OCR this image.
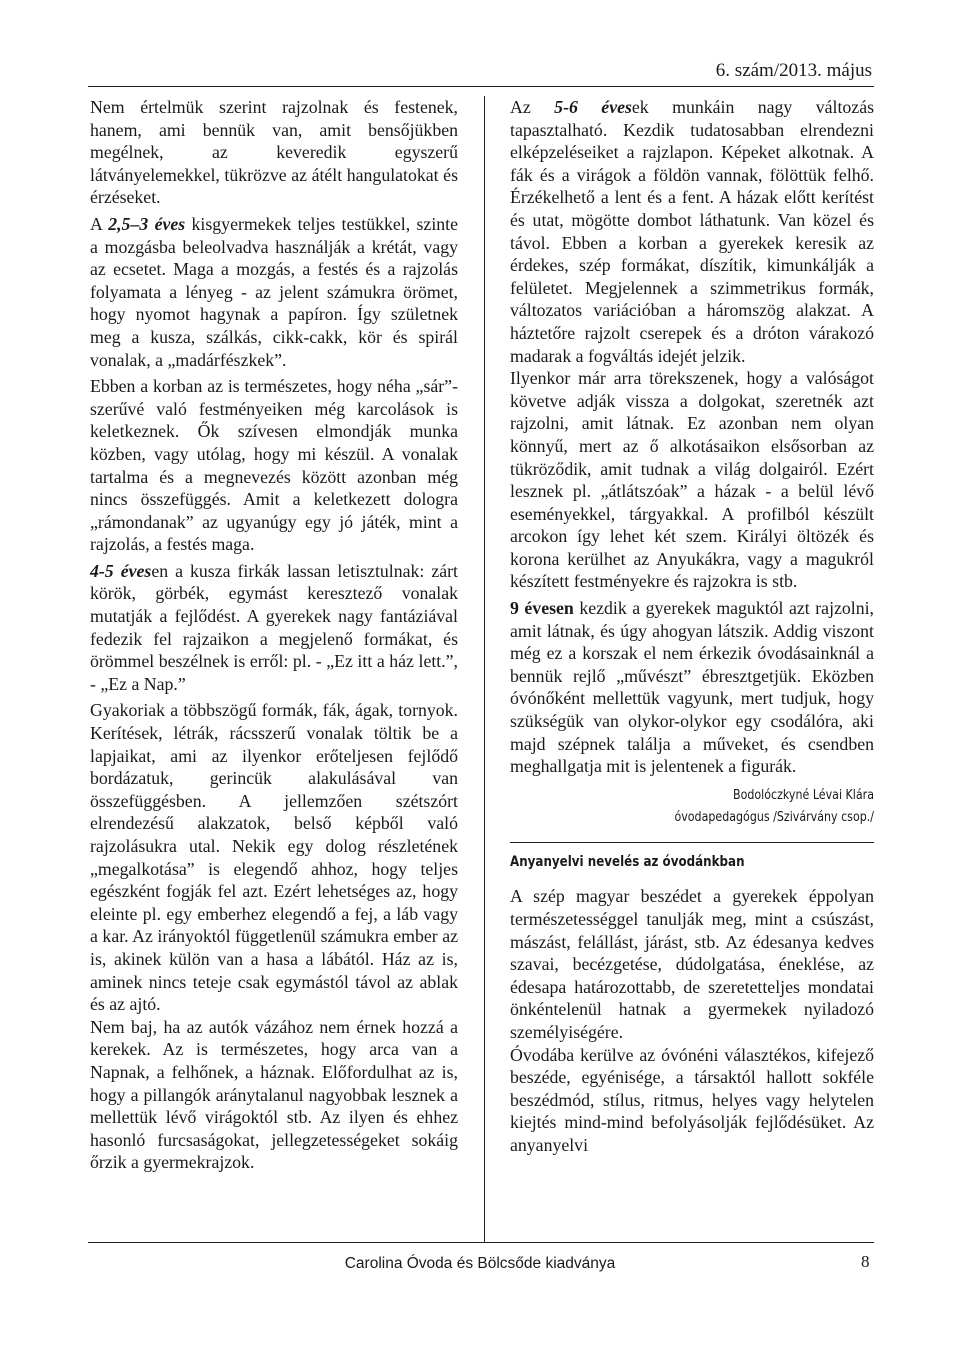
6. szám/2013. május

Nem értelmük szerint rajzolnak és festenek, hanem, ami bennük van, amit bensőjükben megélnek, az keveredik egyszerű látványelemekkel, tükrözve az átélt hangulatokat és érzéseket.

A 2,5–3 éves kisgyermekek teljes testükkel, szinte a mozgásba beleolvadva használják a krétát, vagy az ecsetet. Maga a mozgás, a festés és a rajzolás folyamata a lényeg - az jelent számukra örömet, hogy nyomot hagynak a papíron. Így születnek meg a kusza, szálkás, cikk-cakk, kör és spirál vonalak, a „madárfészkek”.

Ebben a korban az is természetes, hogy néha „sár”- szerűvé való festményeiken még karcolások is keletkeznek. Ők szívesen elmondják munka közben, vagy utólag, hogy mi készül. A vonalak tartalma és a megnevezés között azonban még nincs összefüggés. Amit a keletkezett dologra „rámondanak” az ugyanúgy egy jó játék, mint a rajzolás, a festés maga.

4-5 évesen a kusza firkák lassan letisztulnak: zárt körök, görbék, egymást keresztező vonalak mutatják a fejlődést. A gyerekek nagy fantáziával fedezik fel rajzaikon a megjelenő formákat, és örömmel beszélnek is erről: pl. - „Ez itt a ház lett.”, - „Ez a Nap.”

Gyakoriak a többszögű formák, fák, ágak, tornyok. Kerítések, létrák, rácsszerű vonalak töltik be a lapjaikat, ami az ilyenkor erőteljesen fejlődő bordázatuk, gerincük alakulásával van összefüggésben. A jellemzően szétszórt elrendezésű alakzatok, belső képből való rajzolásukra utal. Nekik egy dolog részletének „megalkotása” is elegendő ahhoz, hogy teljes egészként fogják fel azt. Ezért lehetséges az, hogy eleinte pl. egy emberhez elegendő a fej, a láb vagy a kar. Az irányoktól függetlenül számukra ember az is, akinek külön van a hasa a lábától. Ház az is, aminek nincs teteje csak egymástól távol az ablak és az ajtó.

Nem baj, ha az autók vázához nem érnek hozzá a kerekek. Az is természetes, hogy arca van a Napnak, a felhőnek, a háznak. Előfordulhat az is, hogy a pillangók aránytalanul nagyobbak lesznek a mellettük lévő virágoktól stb. Az ilyen és ehhez hasonló furcsaságokat, jellegzetességeket sokáig őrzik a gyermekrajzok.

Az 5-6 évesek munkáin nagy változás tapasztalható. Kezdik tudatosabban elrendezni elképzeléseiket a rajzlapon. Képeket alkotnak. A fák és a virágok a földön vannak, fölöttük felhő. Érzékelhető a lent és a fent. A házak előtt kerítést és utat, mögötte dombot láthatunk. Van közel és távol. Ebben a korban a gyerekek keresik az érdekes, szép formákat, díszítik, kimunkálják a felületet. Megjelennek a szimmetrikus formák, változatos variációban a háromszög alakzat. A háztetőre rajzolt cserepek és a dróton várakozó madarak a fogváltás idejét jelzik.

Ilyenkor már arra törekszenek, hogy a valóságot követve adják vissza a dolgokat, szeretnék azt rajzolni, amit látnak. Ez azonban nem olyan könnyű, mert az ő alkotásaikon elsősorban az tükröződik, amit tudnak a világ dolgairól. Ezért lesznek pl. „átlátszóak” a házak - a belül lévő eseményekkel, tárgyakkal. A profilból készült arcokon így lehet két szem. Királyi öltözék és korona kerülhet az Anyukákra, vagy a magukról készített festményekre és rajzokra is stb.

9 évesen kezdik a gyerekek maguktól azt rajzolni, amit látnak, és úgy ahogyan látszik. Addig viszont még ez a korszak el nem érkezik óvodásainknál a bennük rejlő „művészt” ébresztgetjük. Eközben óvónőként mellettük vagyunk, mert tudjuk, hogy szükségük van olykor-olykor egy csodálóra, aki majd szépnek találja a műveket, és csendben meghallgatja mit is jelentenek a figurák.

Bodolóczkyné Lévai Klára
óvodapedagógus /Szivárvány csop./
Anyanyelvi nevelés az óvodánkban

A szép magyar beszédet a gyerekek éppolyan természetességgel tanulják meg, mint a csúszást, mászást, felállást, járást, stb. Az édesanya kedves szavai, becézgetése, dúdolgatása, éneklése, az édesapa határozottabb, de szeretetteljes mondatai önkéntelenül hatnak a gyermekek nyiladozó személyiségére.

Óvodába kerülve az óvónéni választékos, kifejező beszéde, egyénisége, a társaktól hallott sokféle beszédmód, stílus, ritmus, helyes vagy helytelen kiejtés mind-mind befolyásolják fejlődésüket. Az anyanyelvi

Carolina Óvoda és Bölcsőde kiadványa	8
